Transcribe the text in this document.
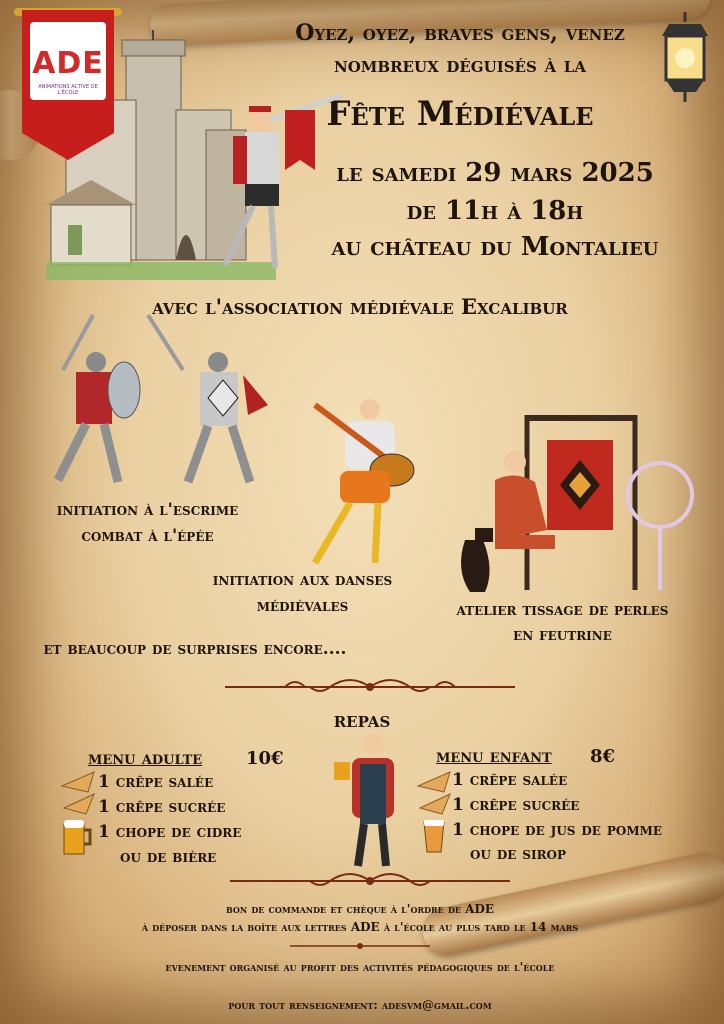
ADE
ANIMATIONS ACTIVE DE L'ÉCOLE
Oyez, oyez, braves gens, venez
nombreux déguisés à la
Fête Médiévale
le samedi 29 mars 2025
de 11h à 18h
au château du Montalieu
avec l'association médiévale Excalibur
initiation à l'escrime
combat à l'épée
initiation aux danses
médiévales	atelier tissage de perles
en feutrine
et beaucoup de surprises encore....
repas
menu adulte	10€
1 crêpe salée
1 crêpe sucrée
1 chope de cidre
ou de bière
menu enfant	8€
1 crêpe salée
1 crêpe sucrée
1 chope de jus de pomme
ou de sirop
bon de commande et chèque à l'ordre de ADE
à déposer dans la boîte aux lettres ADE à l'école au plus tard le 14 mars
evenement organisé au profit des activités pédagogiques de l'école
pour tout renseignement: adesvm@gmail.com
